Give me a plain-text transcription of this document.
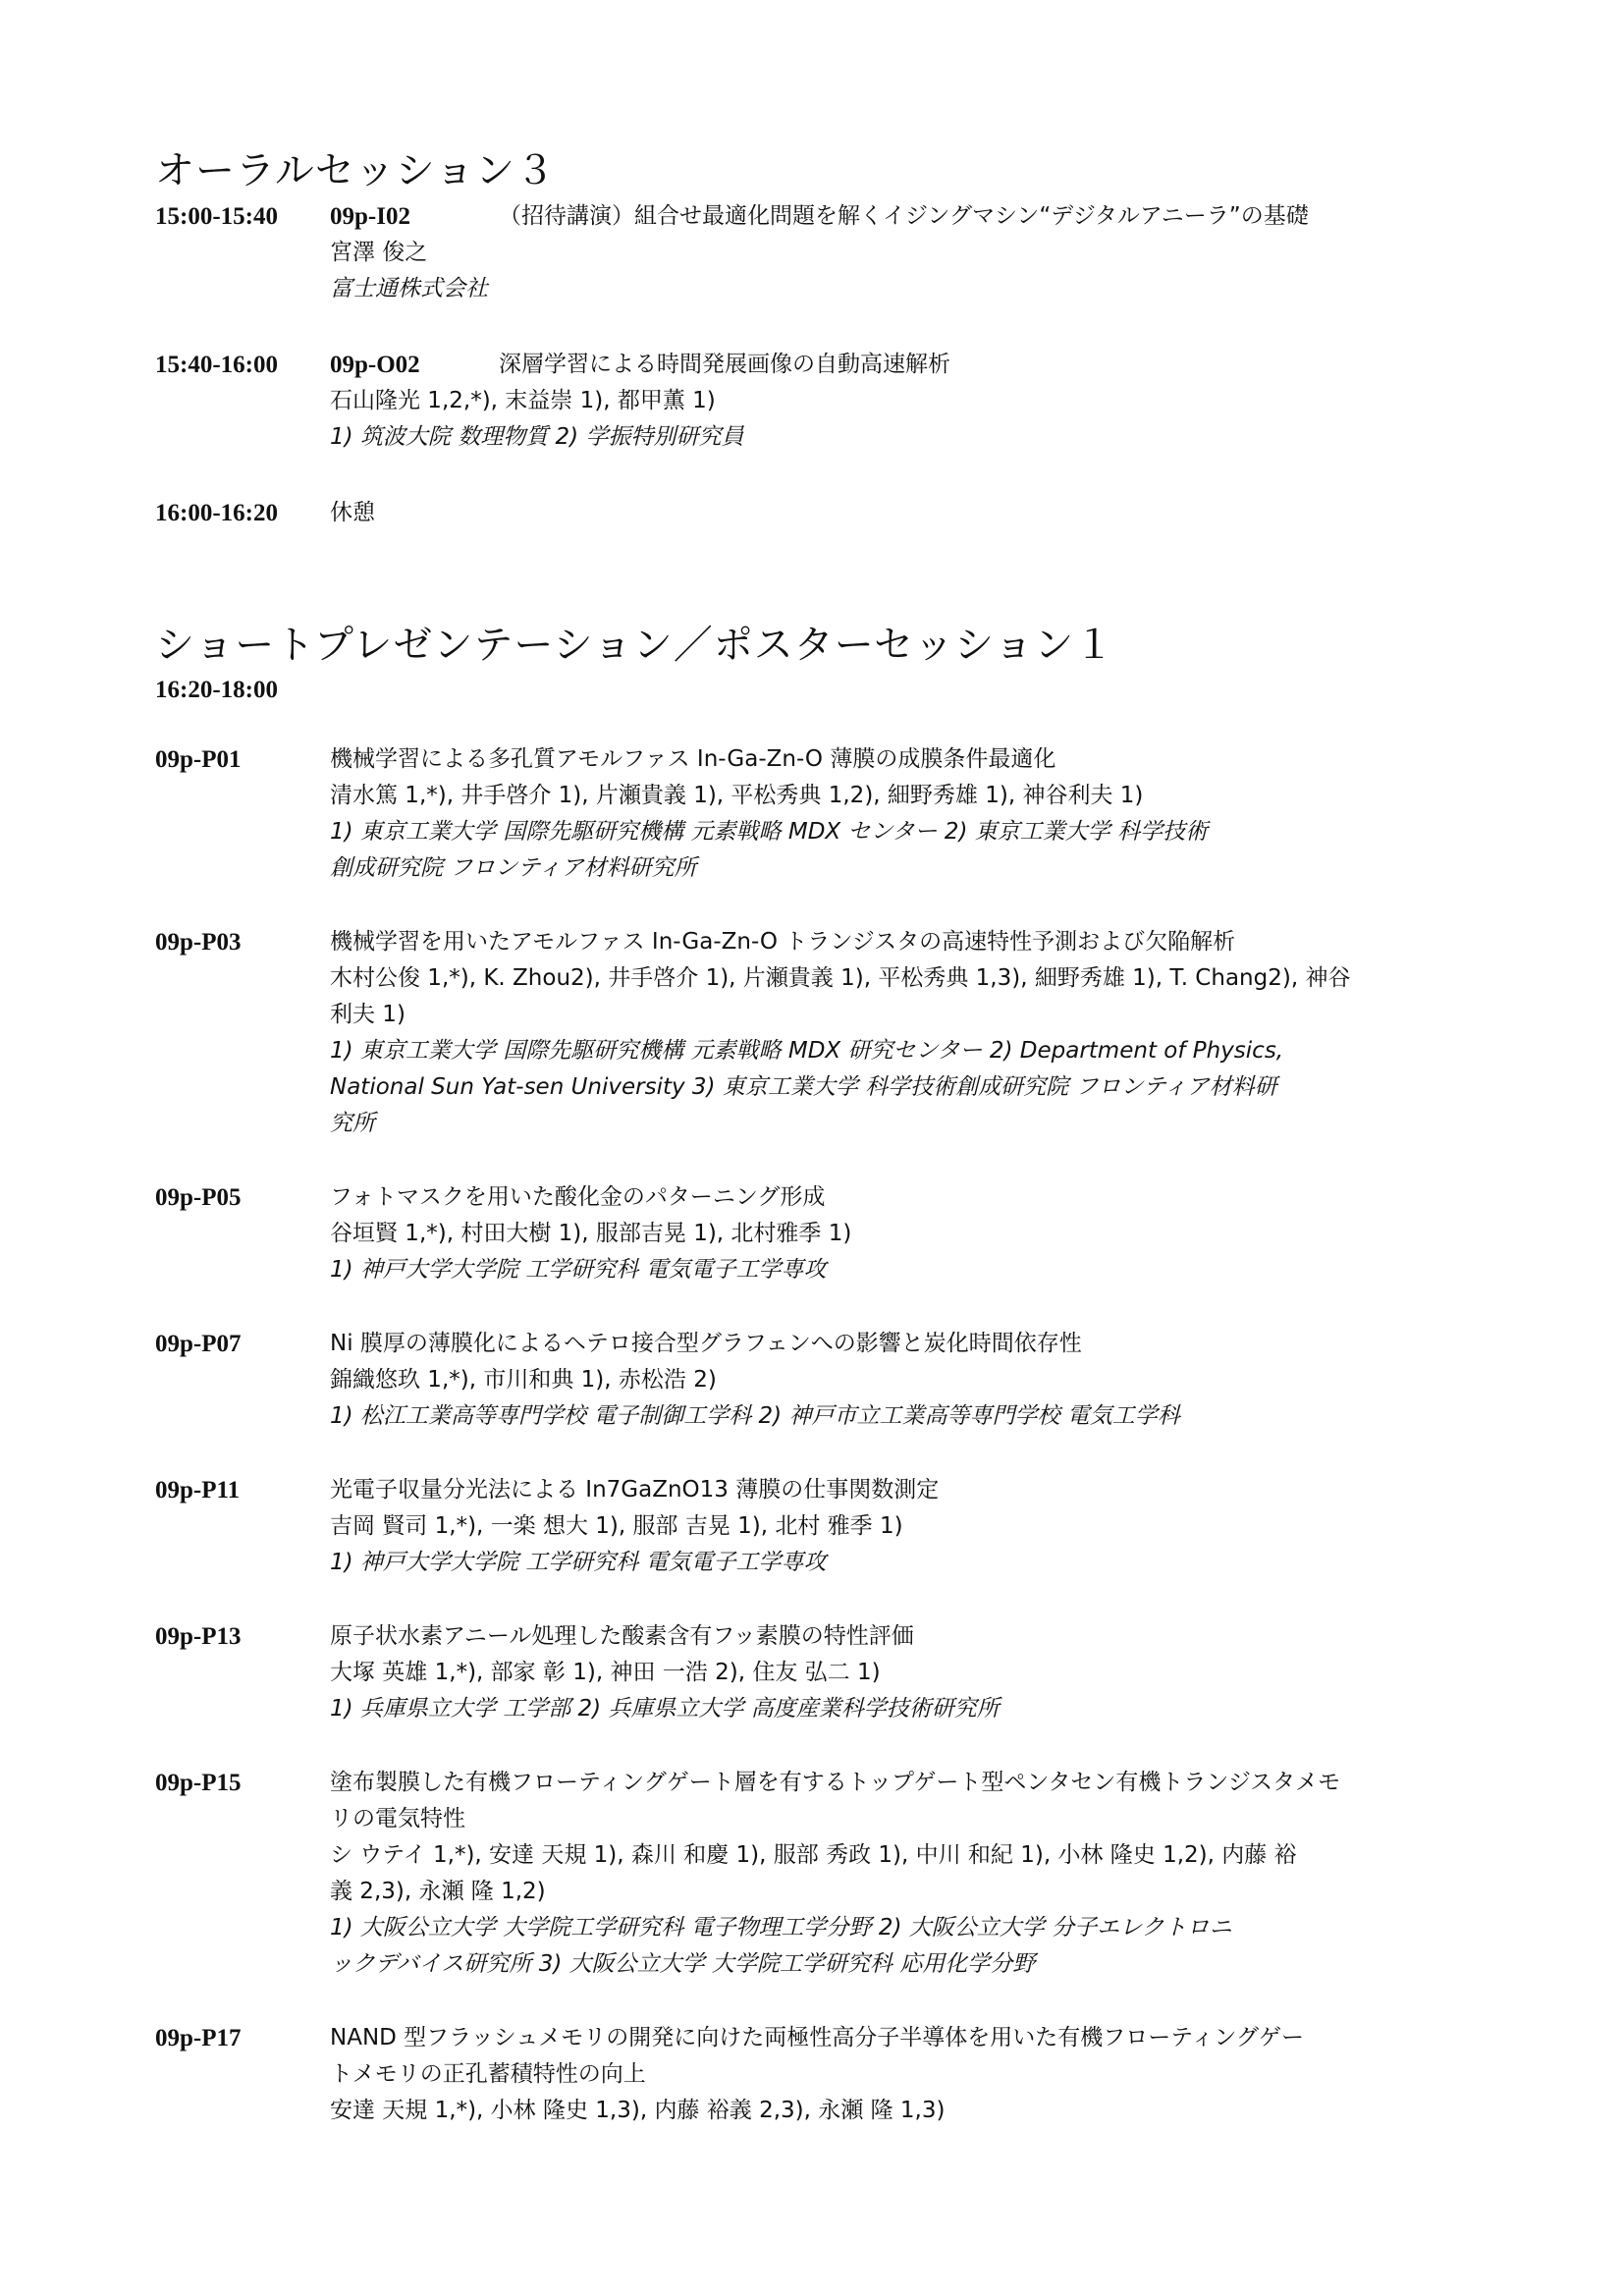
オーラルセッション３
15:00-15:40	09p-I02	（招待講演）組合せ最適化問題を解くイジングマシン“デジタルアニーラ”の基礎
宮澤 俊之
富士通株式会社
15:40-16:00	09p-O02	深層学習による時間発展画像の自動高速解析
石山隆光 1,2,*), 末益崇 1), 都甲薫 1)
1) 筑波大院 数理物質 2) 学振特別研究員
16:00-16:20	休憩
ショートプレゼンテーション／ポスターセッション１
16:20-18:00
09p-P01	機械学習による多孔質アモルファス In-Ga-Zn-O 薄膜の成膜条件最適化
清水篤 1,*), 井手啓介 1), 片瀬貴義 1), 平松秀典 1,2), 細野秀雄 1), 神谷利夫 1)
1) 東京工業大学 国際先駆研究機構 元素戦略 MDX センター 2) 東京工業大学 科学技術
創成研究院 フロンティア材料研究所
09p-P03	機械学習を用いたアモルファス In-Ga-Zn-O トランジスタの高速特性予測および欠陥解析
木村公俊 1,*), K. Zhou2), 井手啓介 1), 片瀬貴義 1), 平松秀典 1,3), 細野秀雄 1), T. Chang2), 神谷
利夫 1)
1) 東京工業大学 国際先駆研究機構 元素戦略 MDX 研究センター 2) Department of Physics,
National Sun Yat-sen University 3) 東京工業大学 科学技術創成研究院 フロンティア材料研
究所
09p-P05	フォトマスクを用いた酸化金のパターニング形成
谷垣賢 1,*), 村田大樹 1), 服部吉晃 1), 北村雅季 1)
1) 神戸大学大学院 工学研究科 電気電子工学専攻
09p-P07	Ni 膜厚の薄膜化によるヘテロ接合型グラフェンへの影響と炭化時間依存性
錦織悠玖 1,*), 市川和典 1), 赤松浩 2)
1) 松江工業高等専門学校 電子制御工学科 2) 神戸市立工業高等専門学校 電気工学科
09p-P11	光電子収量分光法による In7GaZnO13 薄膜の仕事関数測定
吉岡 賢司 1,*), 一楽 想大 1), 服部 吉晃 1), 北村 雅季 1)
1) 神戸大学大学院 工学研究科 電気電子工学専攻
09p-P13	原子状水素アニール処理した酸素含有フッ素膜の特性評価
大塚 英雄 1,*), 部家 彰 1), 神田 一浩 2), 住友 弘二 1)
1) 兵庫県立大学 工学部 2) 兵庫県立大学 高度産業科学技術研究所
09p-P15	塗布製膜した有機フローティングゲート層を有するトップゲート型ペンタセン有機トランジスタメモ
リの電気特性
シ ウテイ 1,*), 安達 天規 1), 森川 和慶 1), 服部 秀政 1), 中川 和紀 1), 小林 隆史 1,2), 内藤 裕
義 2,3), 永瀬 隆 1,2)
1) 大阪公立大学 大学院工学研究科 電子物理工学分野 2) 大阪公立大学 分子エレクトロニ
ックデバイス研究所 3) 大阪公立大学 大学院工学研究科 応用化学分野
09p-P17	NAND 型フラッシュメモリの開発に向けた両極性高分子半導体を用いた有機フローティングゲー
トメモリの正孔蓄積特性の向上
安達 天規 1,*), 小林 隆史 1,3), 内藤 裕義 2,3), 永瀬 隆 1,3)
